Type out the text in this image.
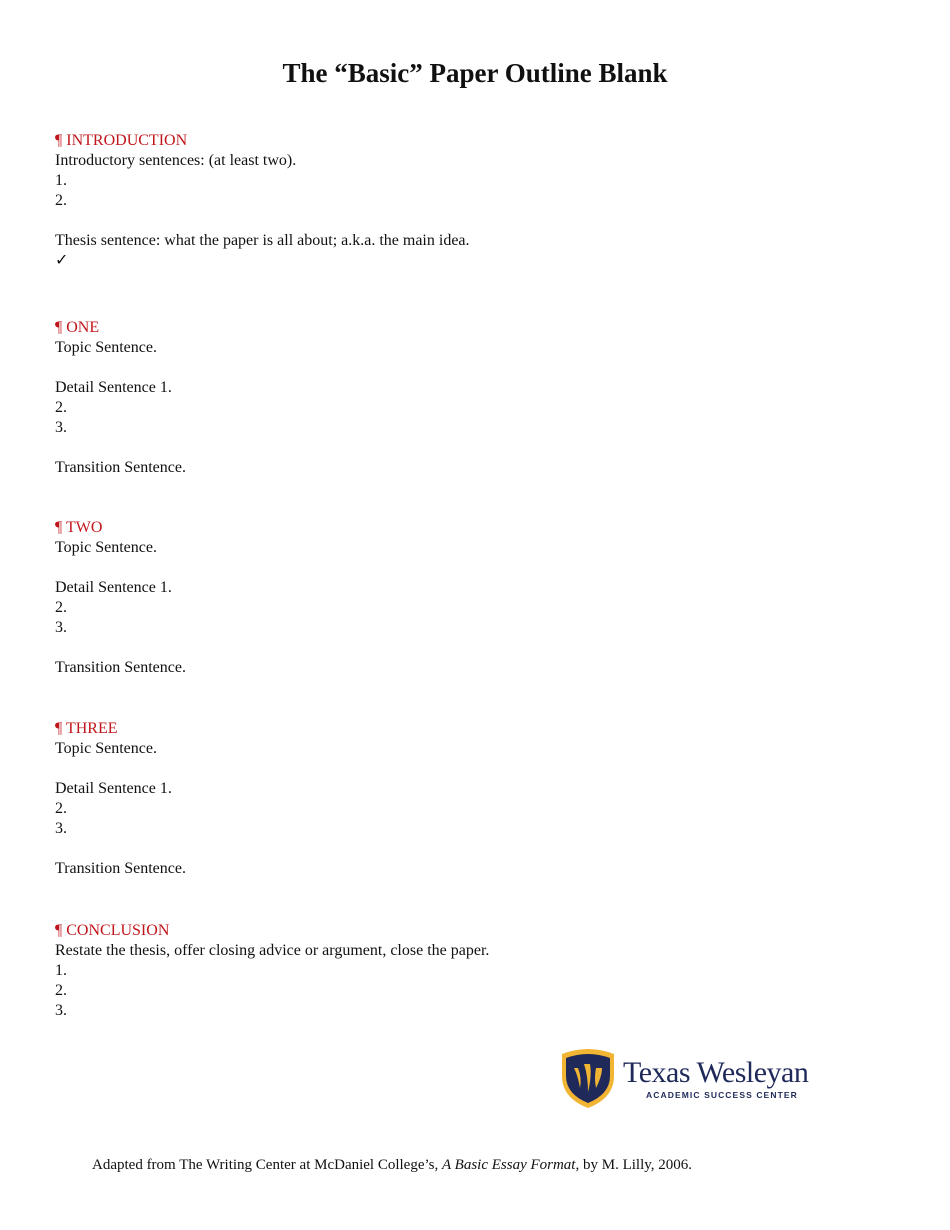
The “Basic” Paper Outline Blank
¶ INTRODUCTION
Introductory sentences: (at least two).
1.
2.
Thesis sentence: what the paper is all about; a.k.a. the main idea.
✓
¶ ONE
Topic Sentence.
Detail Sentence 1.
2.
3.
Transition Sentence.
¶ TWO
Topic Sentence.
Detail Sentence 1.
2.
3.
Transition Sentence.
¶ THREE
Topic Sentence.
Detail Sentence 1.
2.
3.
Transition Sentence.
¶ CONCLUSION
Restate the thesis, offer closing advice or argument, close the paper.
1.
2.
3.
Texas Wesleyan
ACADEMIC SUCCESS CENTER
Adapted from The Writing Center at McDaniel College’s, A Basic Essay Format, by M. Lilly, 2006.
